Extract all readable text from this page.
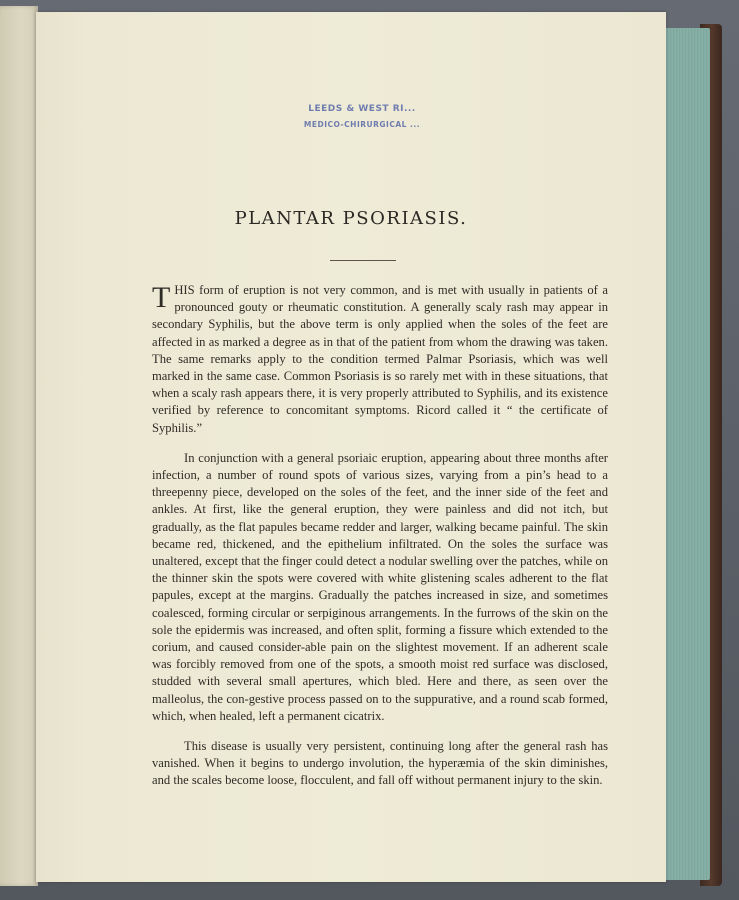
LEEDS & WEST RI...
MEDICO-CHIRURGICAL ...
PLANTAR PSORIASIS.

THIS form of eruption is not very common, and is met with usually in patients of a pronounced gouty or rheumatic constitution. A generally scaly rash may appear in secondary Syphilis, but the above term is only applied when the soles of the feet are affected in as marked a degree as in that of the patient from whom the drawing was taken. The same remarks apply to the condition termed Palmar Psoriasis, which was well marked in the same case. Common Psoriasis is so rarely met with in these situations, that when a scaly rash appears there, it is very properly attributed to Syphilis, and its existence verified by reference to concomitant symptoms. Ricord called it “ the certificate of Syphilis.”

In conjunction with a general psoriaic eruption, appearing about three months after infection, a number of round spots of various sizes, varying from a pin’s head to a threepenny piece, developed on the soles of the feet, and the inner side of the feet and ankles. At first, like the general eruption, they were painless and did not itch, but gradually, as the flat papules became redder and larger, walking became painful. The skin became red, thickened, and the epithelium infiltrated. On the soles the surface was unaltered, except that the finger could detect a nodular swelling over the patches, while on the thinner skin the spots were covered with white glistening scales adherent to the flat papules, except at the margins. Gradually the patches increased in size, and sometimes coalesced, forming circular or serpiginous arrangements. In the furrows of the skin on the sole the epidermis was increased, and often split, forming a fissure which extended to the corium, and caused consider-able pain on the slightest movement. If an adherent scale was forcibly removed from one of the spots, a smooth moist red surface was disclosed, studded with several small apertures, which bled. Here and there, as seen over the malleolus, the con-gestive process passed on to the suppurative, and a round scab formed, which, when healed, left a permanent cicatrix.

This disease is usually very persistent, continuing long after the general rash has vanished. When it begins to undergo involution, the hyperæmia of the skin diminishes, and the scales become loose, flocculent, and fall off without permanent injury to the skin.
